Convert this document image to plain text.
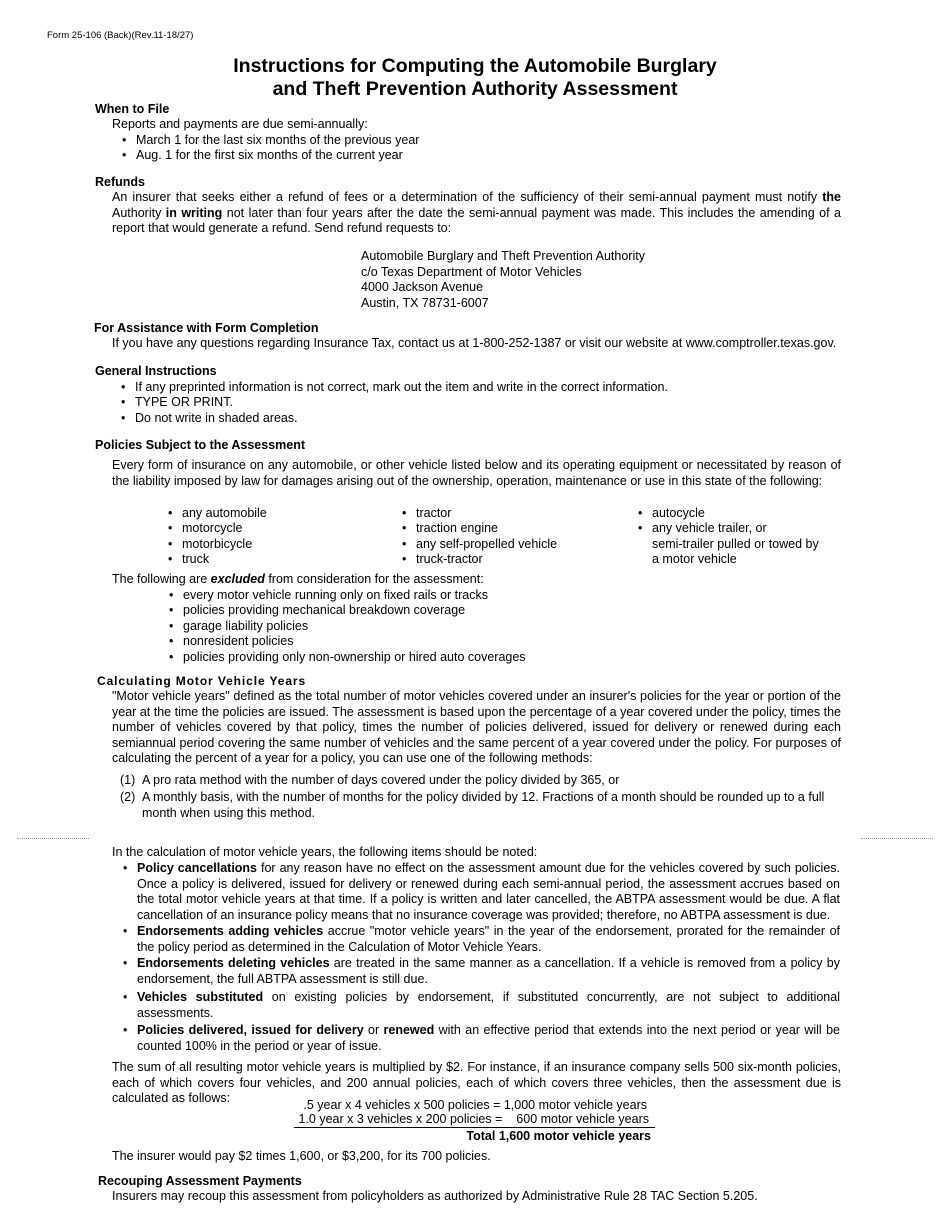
Form 25-106 (Back)(Rev.11-18/27)
Instructions for Computing the Automobile Burglary
and Theft Prevention Authority Assessment
When to File
Reports and payments are due semi-annually:
• March 1 for the last six months of the previous year
• Aug. 1 for the first six months of the current year
Refunds
An insurer that seeks either a refund of fees or a determination of the sufficiency of their semi-annual payment must notify the Authority in writing not later than four years after the date the semi-annual payment was made. This includes the amending of a report that would generate a refund. Send refund requests to:
Automobile Burglary and Theft Prevention Authority
c/o Texas Department of Motor Vehicles
4000 Jackson Avenue
Austin, TX 78731-6007
For Assistance with Form Completion
If you have any questions regarding Insurance Tax, contact us at 1-800-252-1387 or visit our website at www.comptroller.texas.gov.
General Instructions
• If any preprinted information is not correct, mark out the item and write in the correct information.
• TYPE OR PRINT.
• Do not write in shaded areas.
Policies Subject to the Assessment
Every form of insurance on any automobile, or other vehicle listed below and its operating equipment or necessitated by reason of the liability imposed by law for damages arising out of the ownership, operation, maintenance or use in this state of the following:
• any automobile
• motorcycle
• motorbicycle
• truck
• tractor
• traction engine
• any self-propelled vehicle
• truck-tractor
• autocycle
• any vehicle trailer, or
semi-trailer pulled or towed by
a motor vehicle
The following are excluded from consideration for the assessment:
• every motor vehicle running only on fixed rails or tracks
• policies providing mechanical breakdown coverage
• garage liability policies
• nonresident policies
• policies providing only non-ownership or hired auto coverages
Calculating Motor Vehicle Years
"Motor vehicle years" defined as the total number of motor vehicles covered under an insurer's policies for the year or portion of the year at the time the policies are issued. The assessment is based upon the percentage of a year covered under the policy, times the number of vehicles covered by that policy, times the number of policies delivered, issued for delivery or renewed during each semiannual period covering the same number of vehicles and the same percent of a year covered under the policy. For purposes of calculating the percent of a year for a policy, you can use one of the following methods:
(1) A pro rata method with the number of days covered under the policy divided by 365, or
(2) A monthly basis, with the number of months for the policy divided by 12. Fractions of a month should be rounded up to a full month when using this method.
In the calculation of motor vehicle years, the following items should be noted:
• Policy cancellations for any reason have no effect on the assessment amount due for the vehicles covered by such policies. Once a policy is delivered, issued for delivery or renewed during each semi-annual period, the assessment accrues based on the total motor vehicle years at that time. If a policy is written and later cancelled, the ABTPA assessment would be due. A flat cancellation of an insurance policy means that no insurance coverage was provided; therefore, no ABTPA assessment is due.
• Endorsements adding vehicles accrue "motor vehicle years" in the year of the endorsement, prorated for the remainder of the policy period as determined in the Calculation of Motor Vehicle Years.
• Endorsements deleting vehicles are treated in the same manner as a cancellation. If a vehicle is removed from a policy by endorsement, the full ABTPA assessment is still due.
• Vehicles substituted on existing policies by endorsement, if substituted concurrently, are not subject to additional assessments.
• Policies delivered, issued for delivery or renewed with an effective period that extends into the next period or year will be counted 100% in the period or year of issue.
The sum of all resulting motor vehicle years is multiplied by $2. For instance, if an insurance company sells 500 six-month policies, each of which covers four vehicles, and 200 annual policies, each of which covers three vehicles, then the assessment due is calculated as follows:	.5 year x 4 vehicles x 500 policies = 1,000 motor vehicle years
1.0 year x 3 vehicles x 200 policies =    600 motor vehicle years
Total 1,600 motor vehicle years
The insurer would pay $2 times 1,600, or $3,200, for its 700 policies.
Recouping Assessment Payments
Insurers may recoup this assessment from policyholders as authorized by Administrative Rule 28 TAC Section 5.205.
